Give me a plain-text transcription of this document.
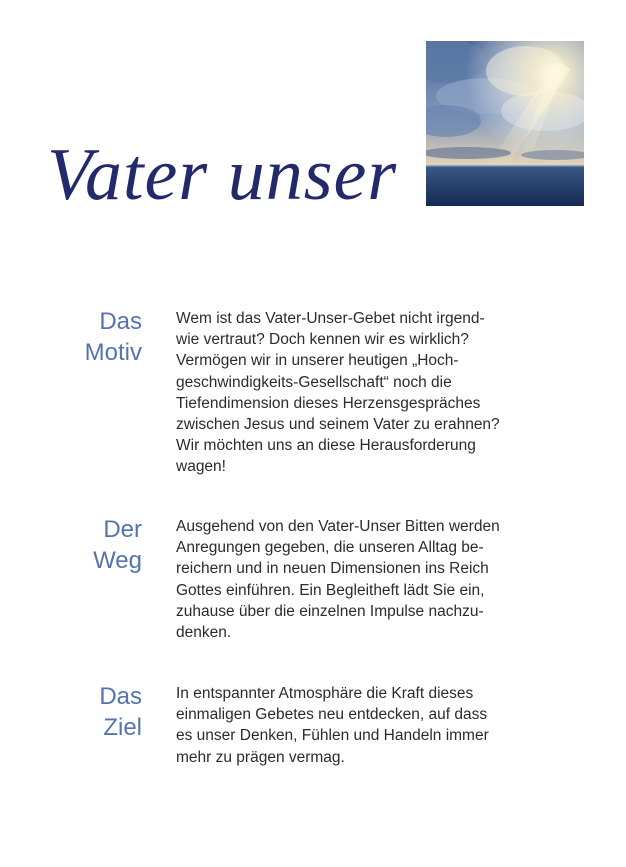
Vater unser
Das
Motiv
Wem ist das Vater-Unser-Gebet nicht irgend-
wie vertraut? Doch kennen wir es wirklich?
Vermögen wir in unserer heutigen „Hoch-
geschwindigkeits-Gesellschaft“ noch die
Tiefendimension dieses Herzensgespräches
zwischen Jesus und seinem Vater zu erahnen?
Wir möchten uns an diese Herausforderung
wagen!
Der
Weg
Ausgehend von den Vater-Unser Bitten werden
Anregungen gegeben, die unseren Alltag be-
reichern und in neuen Dimensionen ins Reich
Gottes einführen. Ein Begleitheft lädt Sie ein,
zuhause über die einzelnen Impulse nachzu-
denken.
Das
Ziel
In entspannter Atmosphäre die Kraft dieses
einmaligen Gebetes neu entdecken, auf dass
es unser Denken, Fühlen und Handeln immer
mehr zu prägen vermag.
